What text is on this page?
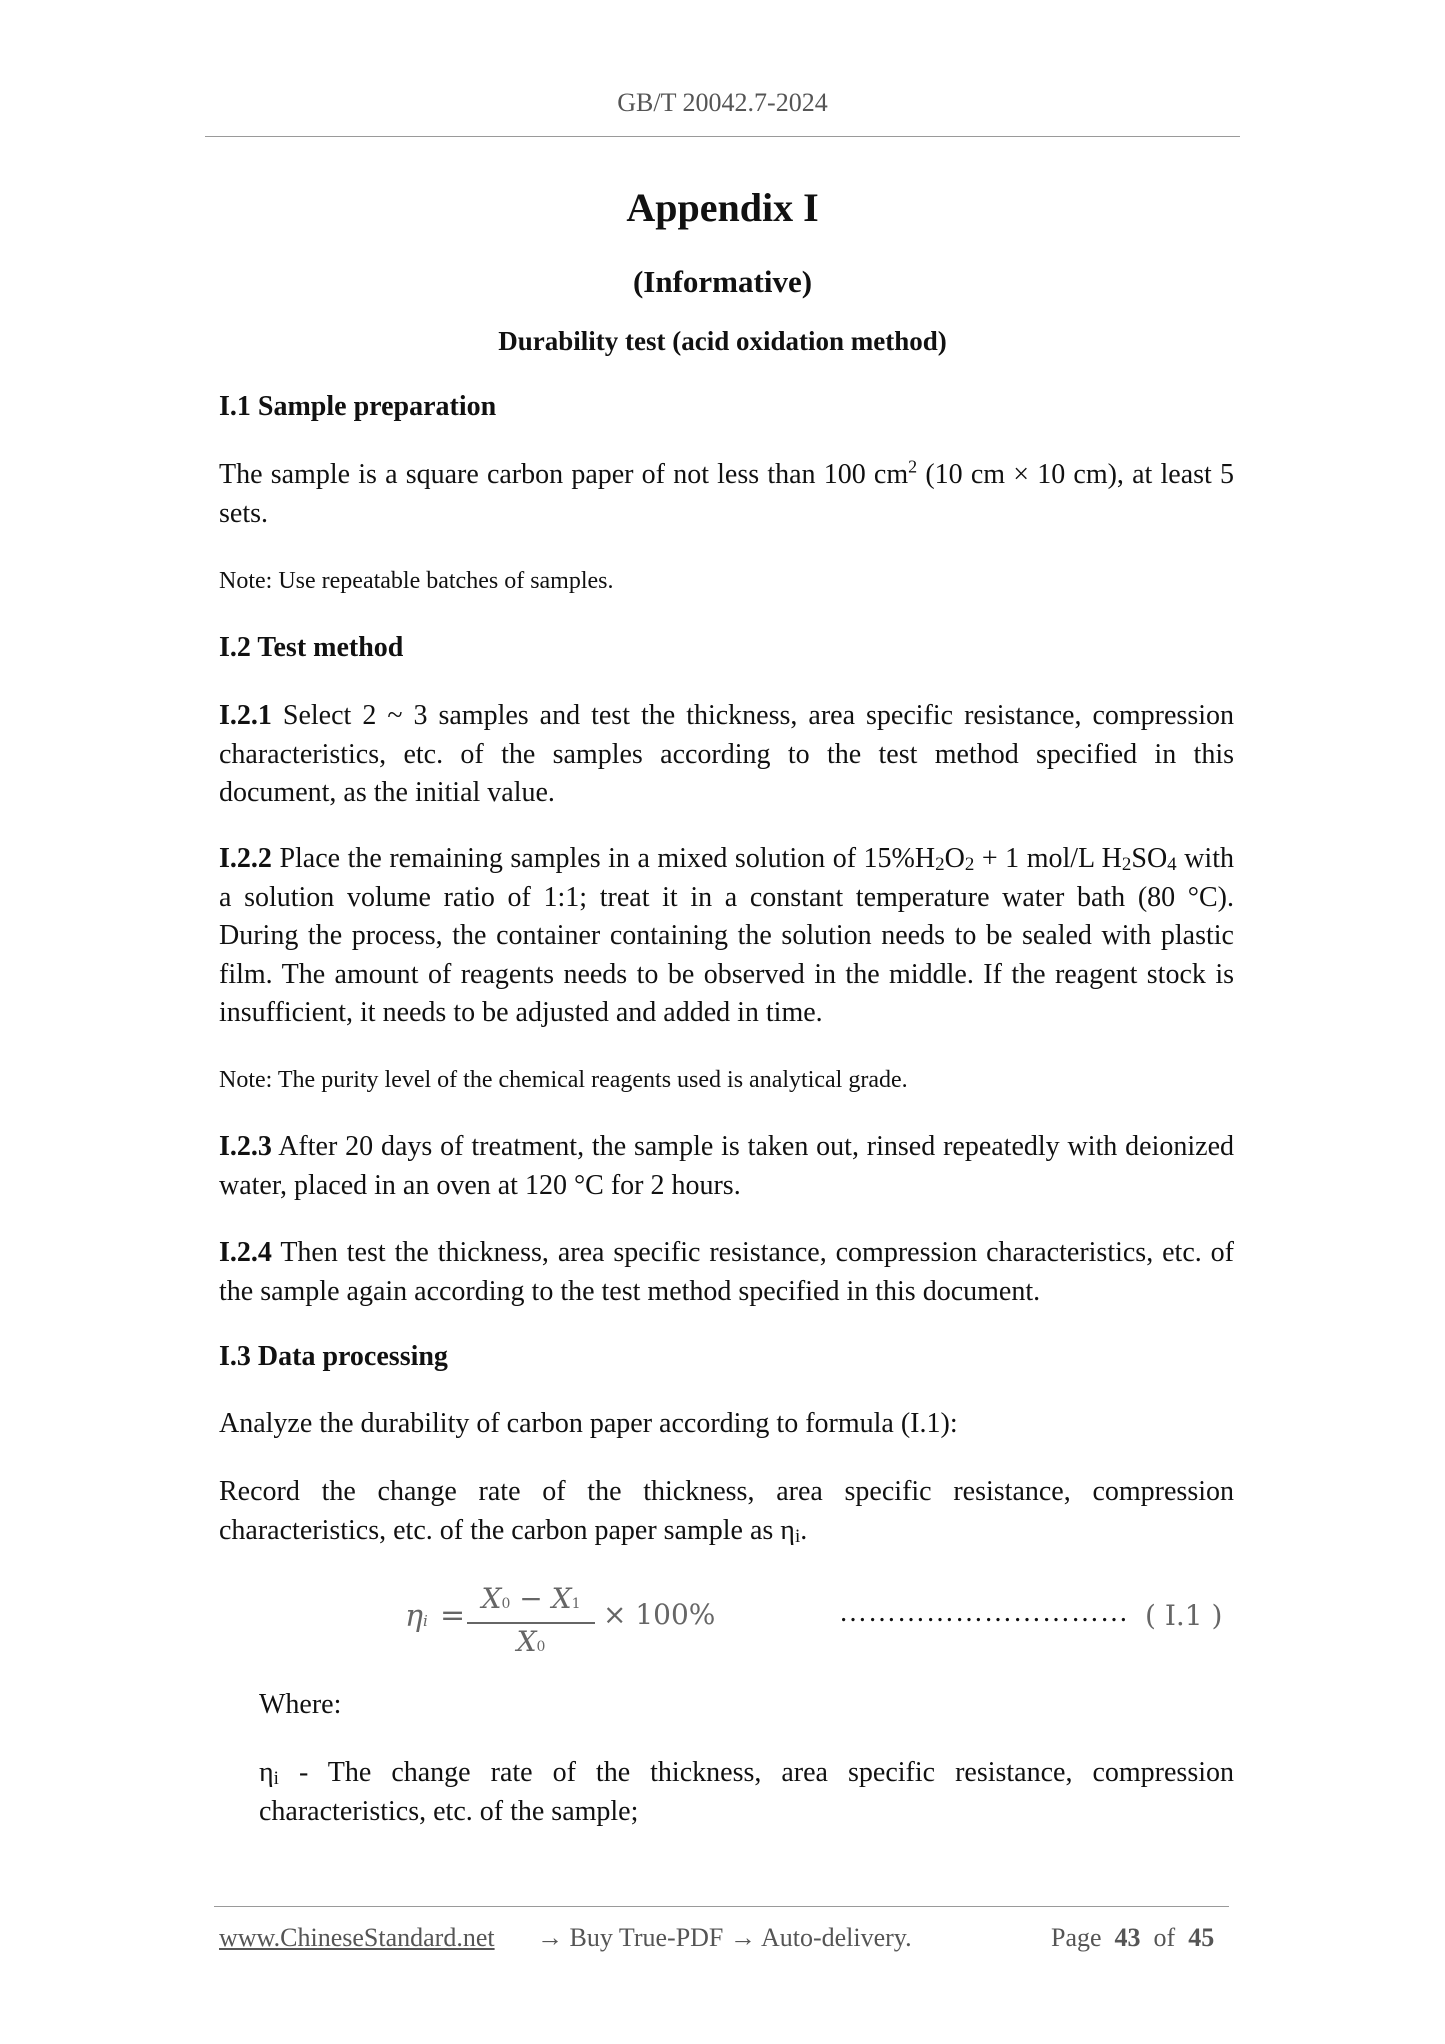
GB/T 20042.7-2024
Appendix I
(Informative)
Durability test (acid oxidation method)
I.1 Sample preparation
The sample is a square carbon paper of not less than 100 $cm^2$ (10 cm × 10 cm), at least 5 sets.
Note: Use repeatable batches of samples.
I.2 Test method
I.2.1 Select 2 ~ 3 samples and test the thickness, area specific resistance, compression characteristics, etc. of the samples according to the test method specified in this document, as the initial value.
I.2.2 Place the remaining samples in a mixed solution of $15\%H_2O_2 + 1$ mol/L $H_2SO_4$ with a solution volume ratio of 1:1; treat it in a constant temperature water bath (80 °C). During the process, the container containing the solution needs to be sealed with plastic film. The amount of reagents needs to be observed in the middle. If the reagent stock is insufficient, it needs to be adjusted and added in time.
Note: The purity level of the chemical reagents used is analytical grade.
I.2.3 After 20 days of treatment, the sample is taken out, rinsed repeatedly with deionized water, placed in an oven at 120 °C for 2 hours.
I.2.4 Then test the thickness, area specific resistance, compression characteristics, etc. of the sample again according to the test method specified in this document.
I.3 Data processing
Analyze the durability of carbon paper according to formula (I.1):
Record the change rate of the thickness, area specific resistance, compression characteristics, etc. of the carbon paper sample as $\eta_i$.
ηi = X0 − X1
X0
× 100%	………………………… ( I.1 )
Where:
$\eta_i$ - The change rate of the thickness, area specific resistance, compression characteristics, etc. of the sample;
www.ChineseStandard.net → Buy True-PDF → Auto-delivery.	Page 43 of 45
